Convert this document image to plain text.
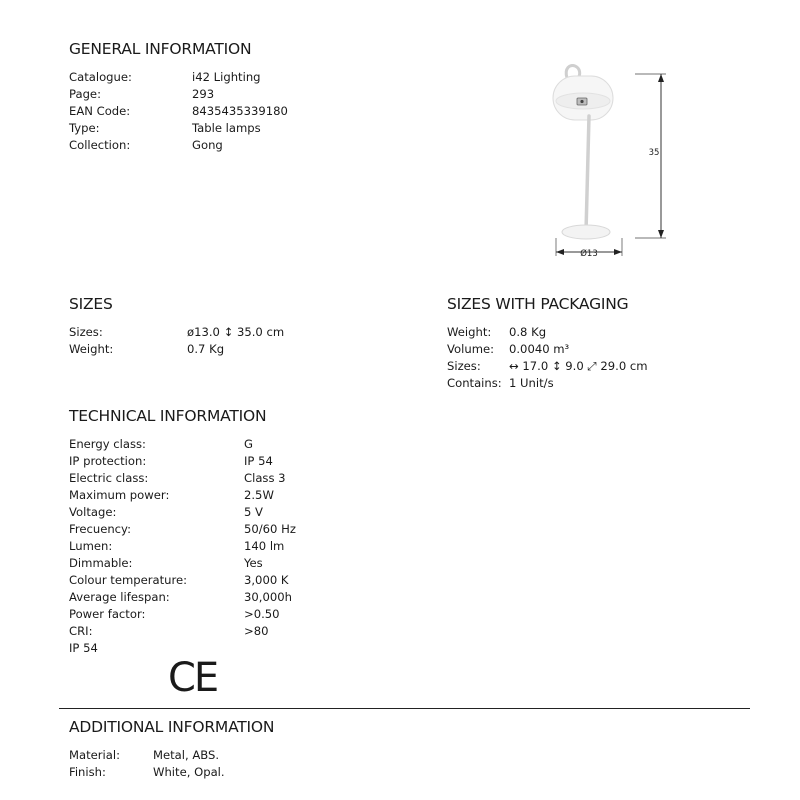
GENERAL INFORMATION
Catalogue:	i42 Lighting
Page:	293
EAN Code:	8435435339180
Type:	Table lamps
Collection:	Gong
35
Ø13
SIZES
Sizes:	ø13.0 ↕ 35.0 cm
Weight:	0.7 Kg
SIZES WITH PACKAGING
Weight: 0.8 Kg
Volume: 0.0040 m³
Sizes: ↔ 17.0 ↕ 9.0 ⤢ 29.0 cm
Contains: 1 Unit/s
TECHNICAL INFORMATION
Energy class:	G
IP protection:	IP 54
Electric class:	Class 3
Maximum power:	2.5W
Voltage:	5 V
Frecuency:	50/60 Hz
Lumen:	140 lm
Dimmable:	Yes
Colour temperature:	3,000 K
Average lifespan:	30,000h
Power factor:	>0.50
CRI:	>80
IP 54
CE
ADDITIONAL INFORMATION
Material:	Metal, ABS.
Finish:	White, Opal.
